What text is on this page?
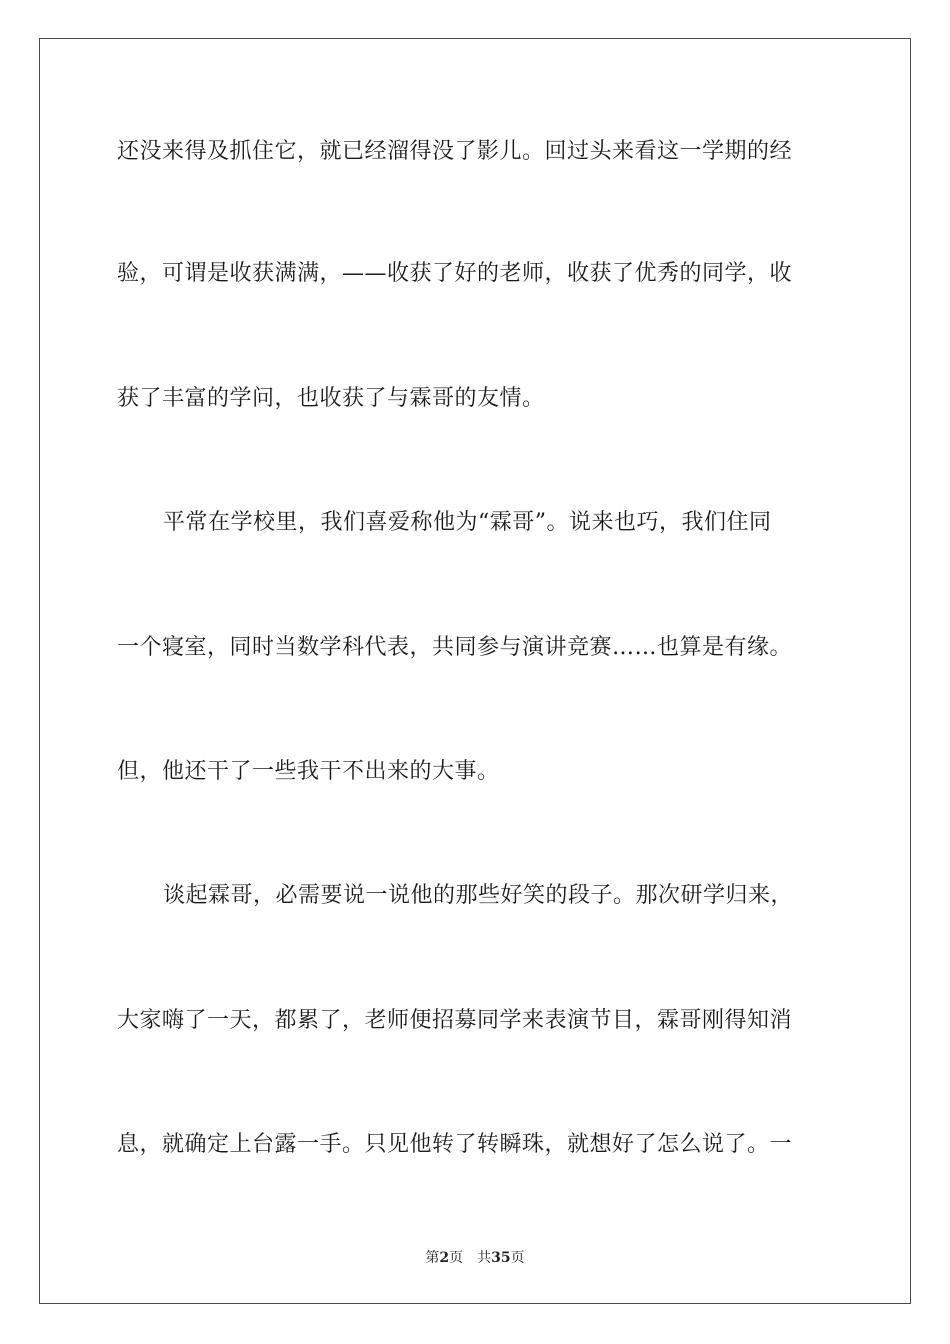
还没来得及抓住它，就已经溜得没了影儿。回过头来看这一学期的经
验，可谓是收获满满，——收获了好的老师，收获了优秀的同学，收
获了丰富的学问，也收获了与霖哥的友情。
平常在学校里，我们喜爱称他为“霖哥”。说来也巧，我们住同
一个寝室，同时当数学科代表，共同参与演讲竞赛……也算是有缘。
但，他还干了一些我干不出来的大事。
谈起霖哥，必需要说一说他的那些好笑的段子。那次研学归来，
大家嗨了一天，都累了，老师便招募同学来表演节目，霖哥刚得知消
息，就确定上台露一手。只见他转了转瞬珠，就想好了怎么说了。一
第2页 共35页
